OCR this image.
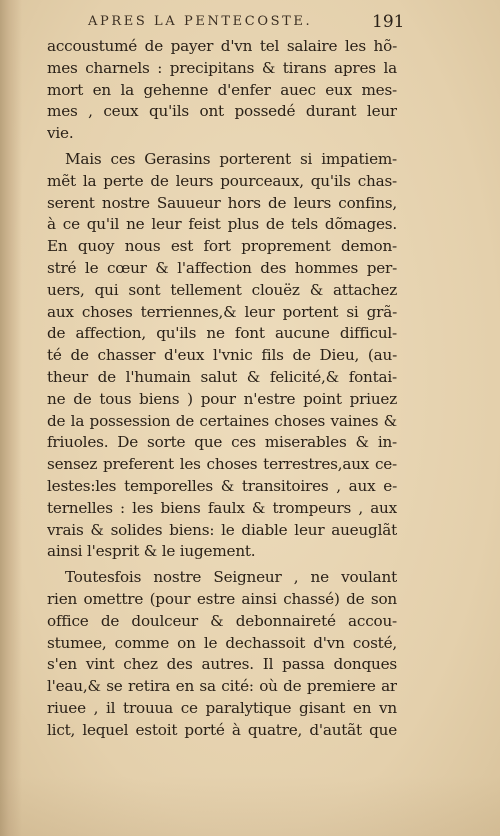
APRES LA PENTECOSTE.	191
accoustumé de payer d'vn tel salaire les hõ-
mes charnels : precipitans & tirans apres la
mort en la gehenne d'enfer auec eux mes-
mes , ceux qu'ils ont possedé durant leur
vie.
Mais ces Gerasins porterent si impatiem-
mẽt la perte de leurs pourceaux, qu'ils chas-
serent nostre Sauueur hors de leurs confins,
à ce qu'il ne leur feist plus de tels dõmages.
En quoy nous est fort proprement demon-
stré le cœur & l'affection des hommes per-
uers, qui sont tellement clouëz & attachez
aux choses terriennes,& leur portent si grã-
de affection, qu'ils ne font aucune difficul-
té de chasser d'eux l'vnic fils de Dieu, (au-
theur de l'humain salut & felicité,& fontai-
ne de tous biens ) pour n'estre point priuez
de la possession de certaines choses vaines &
friuoles. De sorte que ces miserables & in-
sensez preferent les choses terrestres,aux ce-
lestes:les temporelles & transitoires , aux e-
ternelles : les biens faulx & trompeurs , aux
vrais & solides biens: le diable leur aueuglãt
ainsi l'esprit & le iugement.
Toutesfois nostre Seigneur , ne voulant
rien omettre (pour estre ainsi chassé) de son
office de doulceur & debonnaireté accou-
stumee, comme on le dechassoit d'vn costé,
s'en vint chez des autres. Il passa donques
l'eau,& se retira en sa cité: où de premiere ar
riuee , il trouua ce paralytique gisant en vn
lict, lequel estoit porté à quatre, d'autãt que
